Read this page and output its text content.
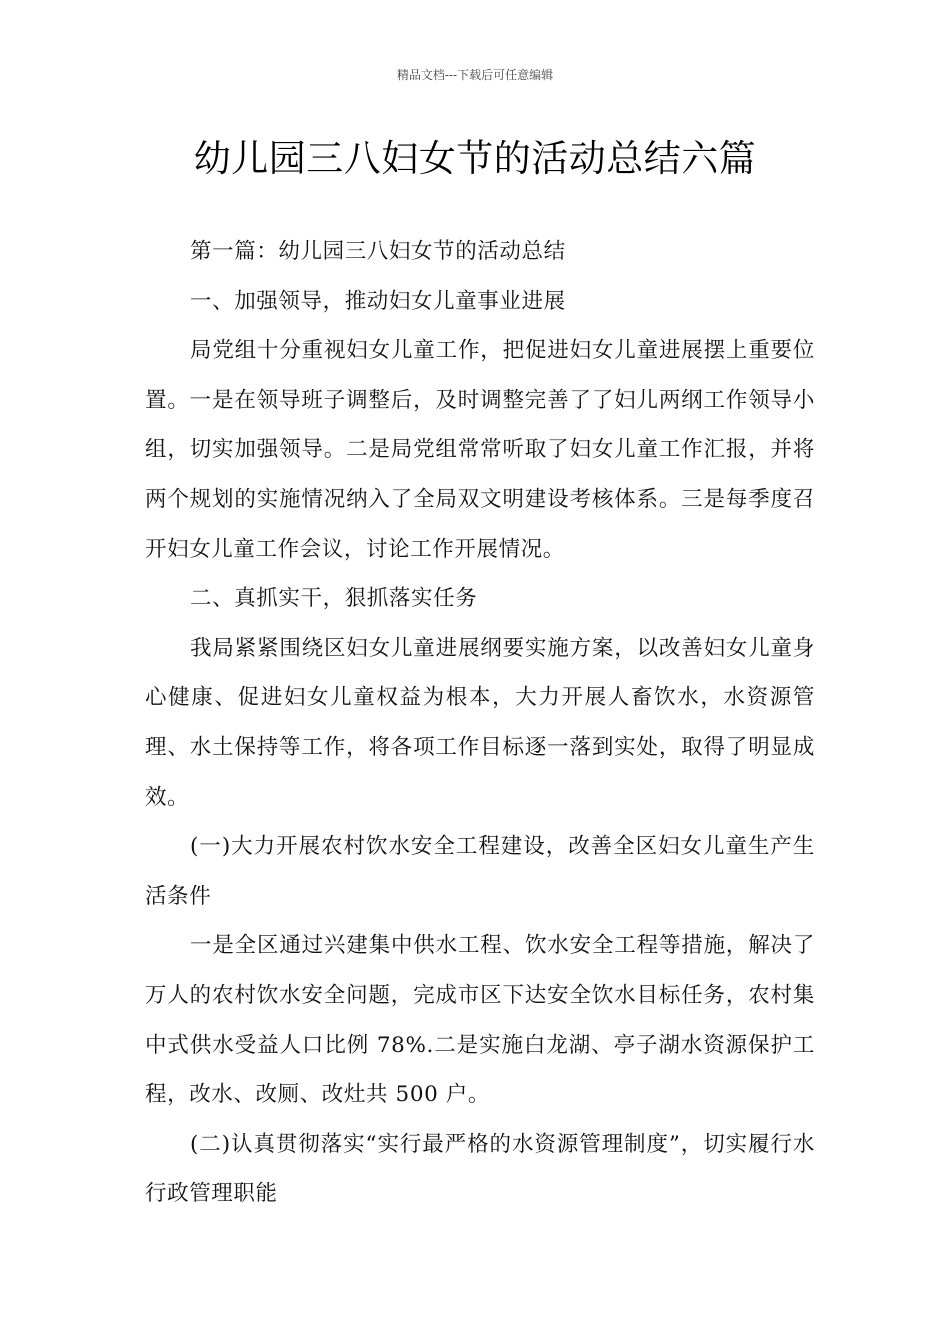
精品文档---下载后可任意编辑
幼儿园三八妇女节的活动总结六篇

第一篇：幼儿园三八妇女节的活动总结

一、加强领导，推动妇女儿童事业进展

局党组十分重视妇女儿童工作，把促进妇女儿童进展摆上重要位置。一是在领导班子调整后，及时调整完善了了妇儿两纲工作领导小组，切实加强领导。二是局党组常常听取了妇女儿童工作汇报，并将两个规划的实施情况纳入了全局双文明建设考核体系。三是每季度召开妇女儿童工作会议，讨论工作开展情况。

二、真抓实干，狠抓落实任务

我局紧紧围绕区妇女儿童进展纲要实施方案，以改善妇女儿童身心健康、促进妇女儿童权益为根本，大力开展人畜饮水，水资源管理、水土保持等工作，将各项工作目标逐一落到实处，取得了明显成效。

(一)大力开展农村饮水安全工程建设，改善全区妇女儿童生产生活条件

一是全区通过兴建集中供水工程、饮水安全工程等措施，解决了万人的农村饮水安全问题，完成市区下达安全饮水目标任务，农村集中式供水受益人口比例 78%.二是实施白龙湖、亭子湖水资源保护工程，改水、改厕、改灶共 500 户。

(二)认真贯彻落实“实行最严格的水资源管理制度”，切实履行水行政管理职能
